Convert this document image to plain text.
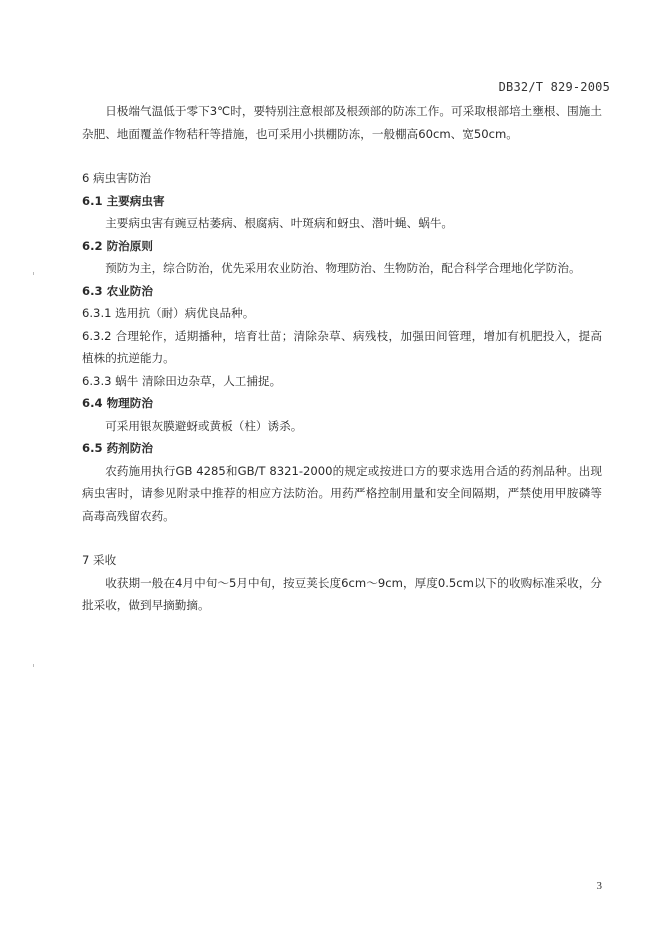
DB32/T 829-2005

日极端气温低于零下3℃时，要特别注意根部及根颈部的防冻工作。可采取根部培土壅根、围施土杂肥、地面覆盖作物秸秆等措施，也可采用小拱棚防冻，一般棚高60cm、宽50cm。

6 病虫害防治

6.1 主要病虫害

主要病虫害有豌豆枯萎病、根腐病、叶斑病和蚜虫、潜叶蝇、蜗牛。

6.2 防治原则

预防为主，综合防治，优先采用农业防治、物理防治、生物防治，配合科学合理地化学防治。

6.3 农业防治

6.3.1 选用抗（耐）病优良品种。

6.3.2 合理轮作，适期播种，培育壮苗；清除杂草、病残枝，加强田间管理，增加有机肥投入，提高植株的抗逆能力。

6.3.3 蜗牛 清除田边杂草，人工捕捉。

6.4 物理防治

可采用银灰膜避蚜或黄板（柱）诱杀。

6.5 药剂防治

农药施用执行GB 4285和GB/T 8321-2000的规定或按进口方的要求选用合适的药剂品种。出现病虫害时，请参见附录中推荐的相应方法防治。用药严格控制用量和安全间隔期，严禁使用甲胺磷等高毒高残留农药。

7 采收

收获期一般在4月中旬～5月中旬，按豆荚长度6cm～9cm，厚度0.5cm以下的收购标准采收，分批采收，做到早摘勤摘。

3
